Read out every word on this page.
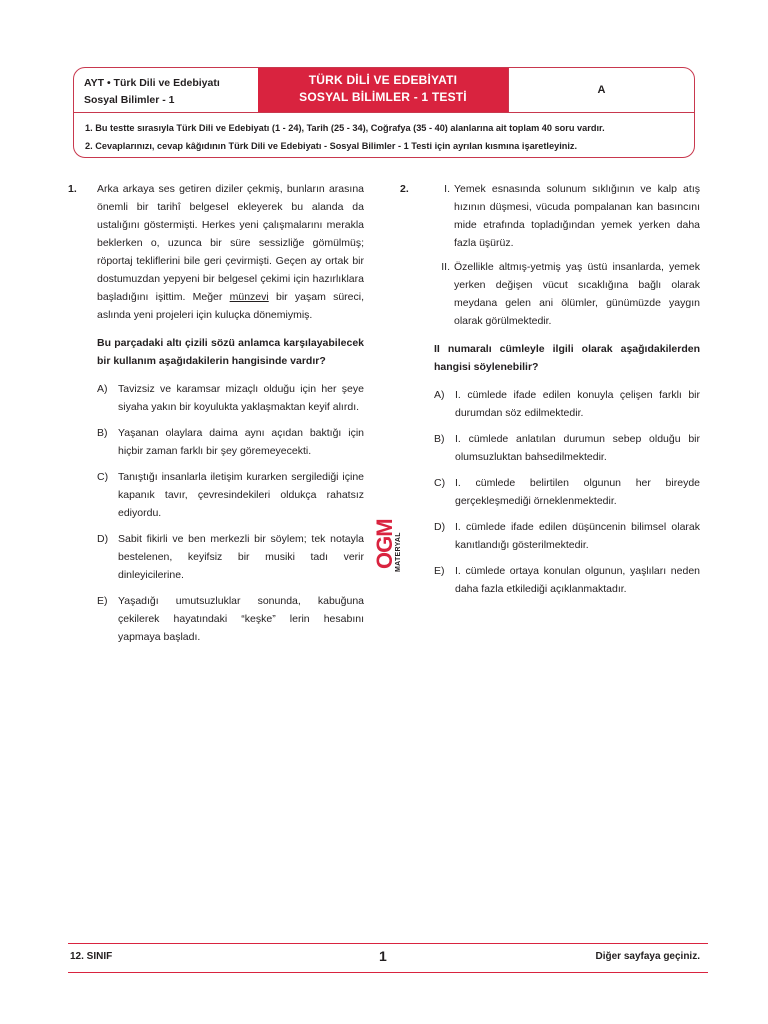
AYT • Türk Dili ve Edebiyatı
Sosyal Bilimler - 1
TÜRK DİLİ VE EDEBİYATI
SOSYAL BİLİMLER - 1 TESTİ	A
1. Bu testte sırasıyla Türk Dili ve Edebiyatı (1 - 24), Tarih (25 - 34), Coğrafya (35 - 40) alanlarına ait toplam 40 soru vardır.
2. Cevaplarınızı, cevap kâğıdının Türk Dili ve Edebiyatı - Sosyal Bilimler - 1 Testi için ayrılan kısmına işaretleyiniz.
1. Arka arkaya ses getiren diziler çekmiş, bunların arasına önemli bir tarihî belgesel ekleyerek bu alanda da ustalığını göstermişti. Herkes yeni çalışmalarını merakla beklerken o, uzunca bir süre sessizliğe gömülmüş; röportaj tekliflerini bile geri çevirmişti. Geçen ay ortak bir dostumuzdan yepyeni bir belgesel çekimi için hazırlıklara başladığını işittim. Meğer münzevi bir yaşam süreci, aslında yeni projeleri için kuluçka dönemiymiş.

Bu parçadaki altı çizili sözü anlamca karşılayabilecek bir kullanım aşağıdakilerin hangisinde vardır?

A)	Tavizsiz ve karamsar mizaçlı olduğu için her şeye siyaha yakın bir koyulukta yaklaşmaktan keyif alırdı.
B)	Yaşanan olaylara daima aynı açıdan baktığı için hiçbir zaman farklı bir şey göremeyecekti.
C) Tanıştığı insanlarla iletişim kurarken sergilediği içine kapanık tavır, çevresindekileri oldukça rahatsız ediyordu.
D) Sabit fikirli ve ben merkezli bir söylem; tek notayla bestelenen, keyifsiz bir musiki tadı verir dinleyicilerine.
E)	Yaşadığı umutsuzluklar sonunda, kabuğuna çekilerek hayatındaki “keşke” lerin hesabını yapmaya başladı.
OGM
MATERYAL
2.	I. Yemek esnasında solunum sıklığının ve kalp atış hızının düşmesi, vücuda pompalanan kan basıncını mide etrafında topladığından yemek yerken daha fazla üşürüz.
II. Özellikle altmış-yetmiş yaş üstü insanlarda, yemek yerken değişen vücut sıcaklığına bağlı olarak meydana gelen ani ölümler, günümüzde yaygın olarak görülmektedir.

II numaralı cümleyle ilgili olarak aşağıdakilerden hangisi söylenebilir?

A)	I. cümlede ifade edilen konuyla çelişen farklı bir durumdan söz edilmektedir.
B)	I. cümlede anlatılan durumun sebep olduğu bir olumsuzluktan bahsedilmektedir.
C) I. cümlede belirtilen olgunun her bireyde gerçekleşmediği örneklenmektedir.
D) I. cümlede ifade edilen düşüncenin bilimsel olarak kanıtlandığı gösterilmektedir.
E)	I. cümlede ortaya konulan olgunun, yaşlıları neden daha fazla etkilediği açıklanmaktadır.
12. SINIF	1	Diğer sayfaya geçiniz.
